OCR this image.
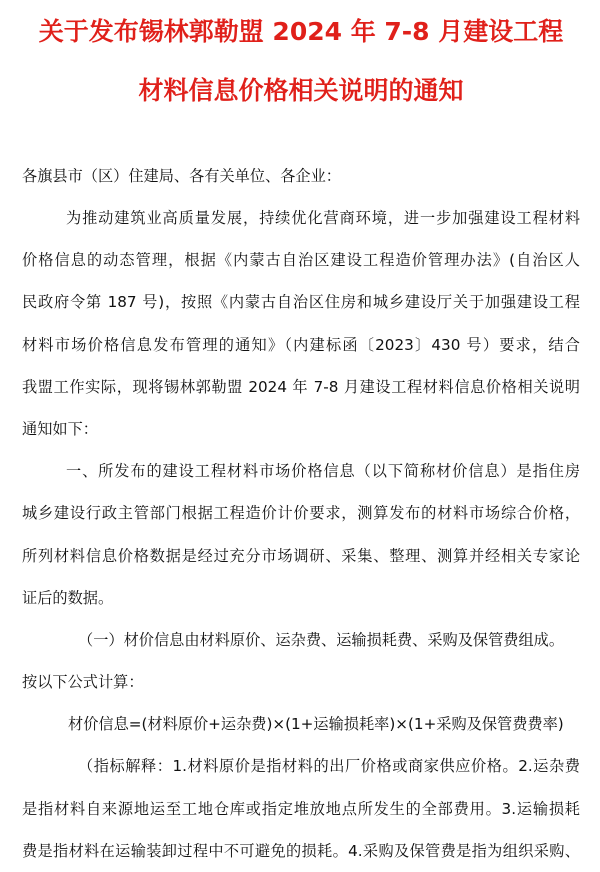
关于发布锡林郭勒盟 2024 年 7-8 月建设工程
材料信息价格相关说明的通知

各旗县市（区）住建局、各有关单位、各企业：

为推动建筑业高质量发展，持续优化营商环境，进一步加强建设工程材料
价格信息的动态管理，根据《内蒙古自治区建设工程造价管理办法》(自治区人
民政府令第 187 号)，按照《内蒙古自治区住房和城乡建设厅关于加强建设工程
材料市场价格信息发布管理的通知》（内建标函〔2023〕430 号）要求，结合
我盟工作实际，现将锡林郭勒盟 2024 年 7-8 月建设工程材料信息价格相关说明
通知如下：

一、所发布的建设工程材料市场价格信息（以下简称材价信息）是指住房
城乡建设行政主管部门根据工程造价计价要求，测算发布的材料市场综合价格，
所列材料信息价格数据是经过充分市场调研、采集、整理、测算并经相关专家论
证后的数据。

（一）材价信息由材料原价、运杂费、运输损耗费、采购及保管费组成。
按以下公式计算：

材价信息=(材料原价+运杂费)×(1+运输损耗率)×(1+采购及保管费费率)

（指标解释：1.材料原价是指材料的出厂价格或商家供应价格。2.运杂费
是指材料自来源地运至工地仓库或指定堆放地点所发生的全部费用。3.运输损耗
费是指材料在运输装卸过程中不可避免的损耗。4.采购及保管费是指为组织采购、
